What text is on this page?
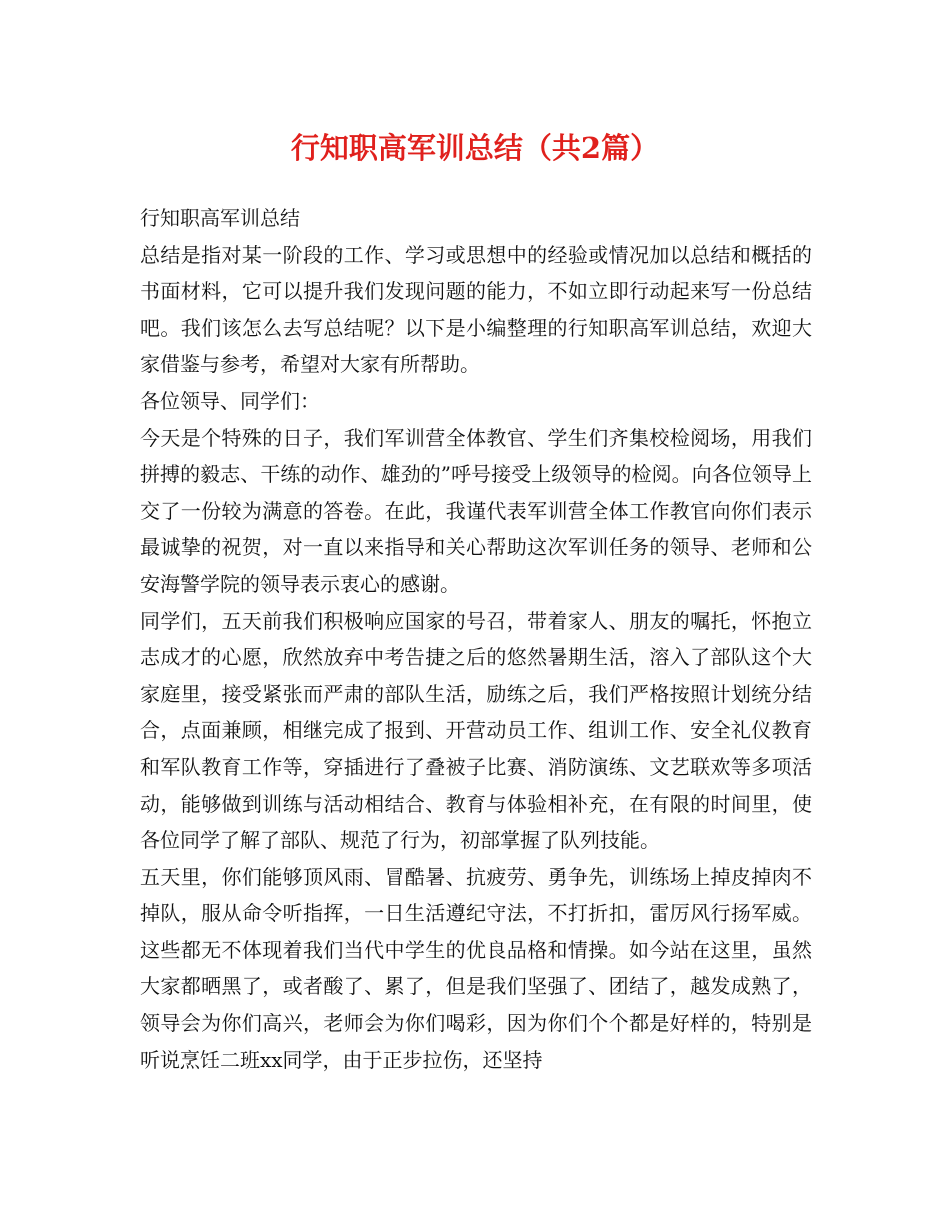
行知职高军训总结（共2篇）

行知职高军训总结

总结是指对某一阶段的工作、学习或思想中的经验或情况加以总结和概括的书面材料，它可以提升我们发现问题的能力，不如立即行动起来写一份总结吧。我们该怎么去写总结呢？以下是小编整理的行知职高军训总结，欢迎大家借鉴与参考，希望对大家有所帮助。

各位领导、同学们：

今天是个特殊的日子，我们军训营全体教官、学生们齐集校检阅场，用我们拼搏的毅志、干练的动作、雄劲的”呼号接受上级领导的检阅。向各位领导上交了一份较为满意的答卷。在此，我谨代表军训营全体工作教官向你们表示最诚挚的祝贺，对一直以来指导和关心帮助这次军训任务的领导、老师和公安海警学院的领导表示衷心的感谢。

同学们，五天前我们积极响应国家的号召，带着家人、朋友的嘱托，怀抱立志成才的心愿，欣然放弃中考告捷之后的悠然暑期生活，溶入了部队这个大家庭里，接受紧张而严肃的部队生活，励练之后，我们严格按照计划统分结合，点面兼顾，相继完成了报到、开营动员工作、组训工作、安全礼仪教育和军队教育工作等，穿插进行了叠被子比赛、消防演练、文艺联欢等多项活动，能够做到训练与活动相结合、教育与体验相补充，在有限的时间里，使各位同学了解了部队、规范了行为，初部掌握了队列技能。

五天里，你们能够顶风雨、冒酷暑、抗疲劳、勇争先，训练场上掉皮掉肉不掉队，服从命令听指挥，一日生活遵纪守法，不打折扣，雷厉风行扬军威。这些都无不体现着我们当代中学生的优良品格和情操。如今站在这里，虽然大家都晒黑了，或者酸了、累了，但是我们坚强了、团结了，越发成熟了，领导会为你们高兴，老师会为你们喝彩，因为你们个个都是好样的，特别是听说烹饪二班xx同学，由于正步拉伤，还坚持
